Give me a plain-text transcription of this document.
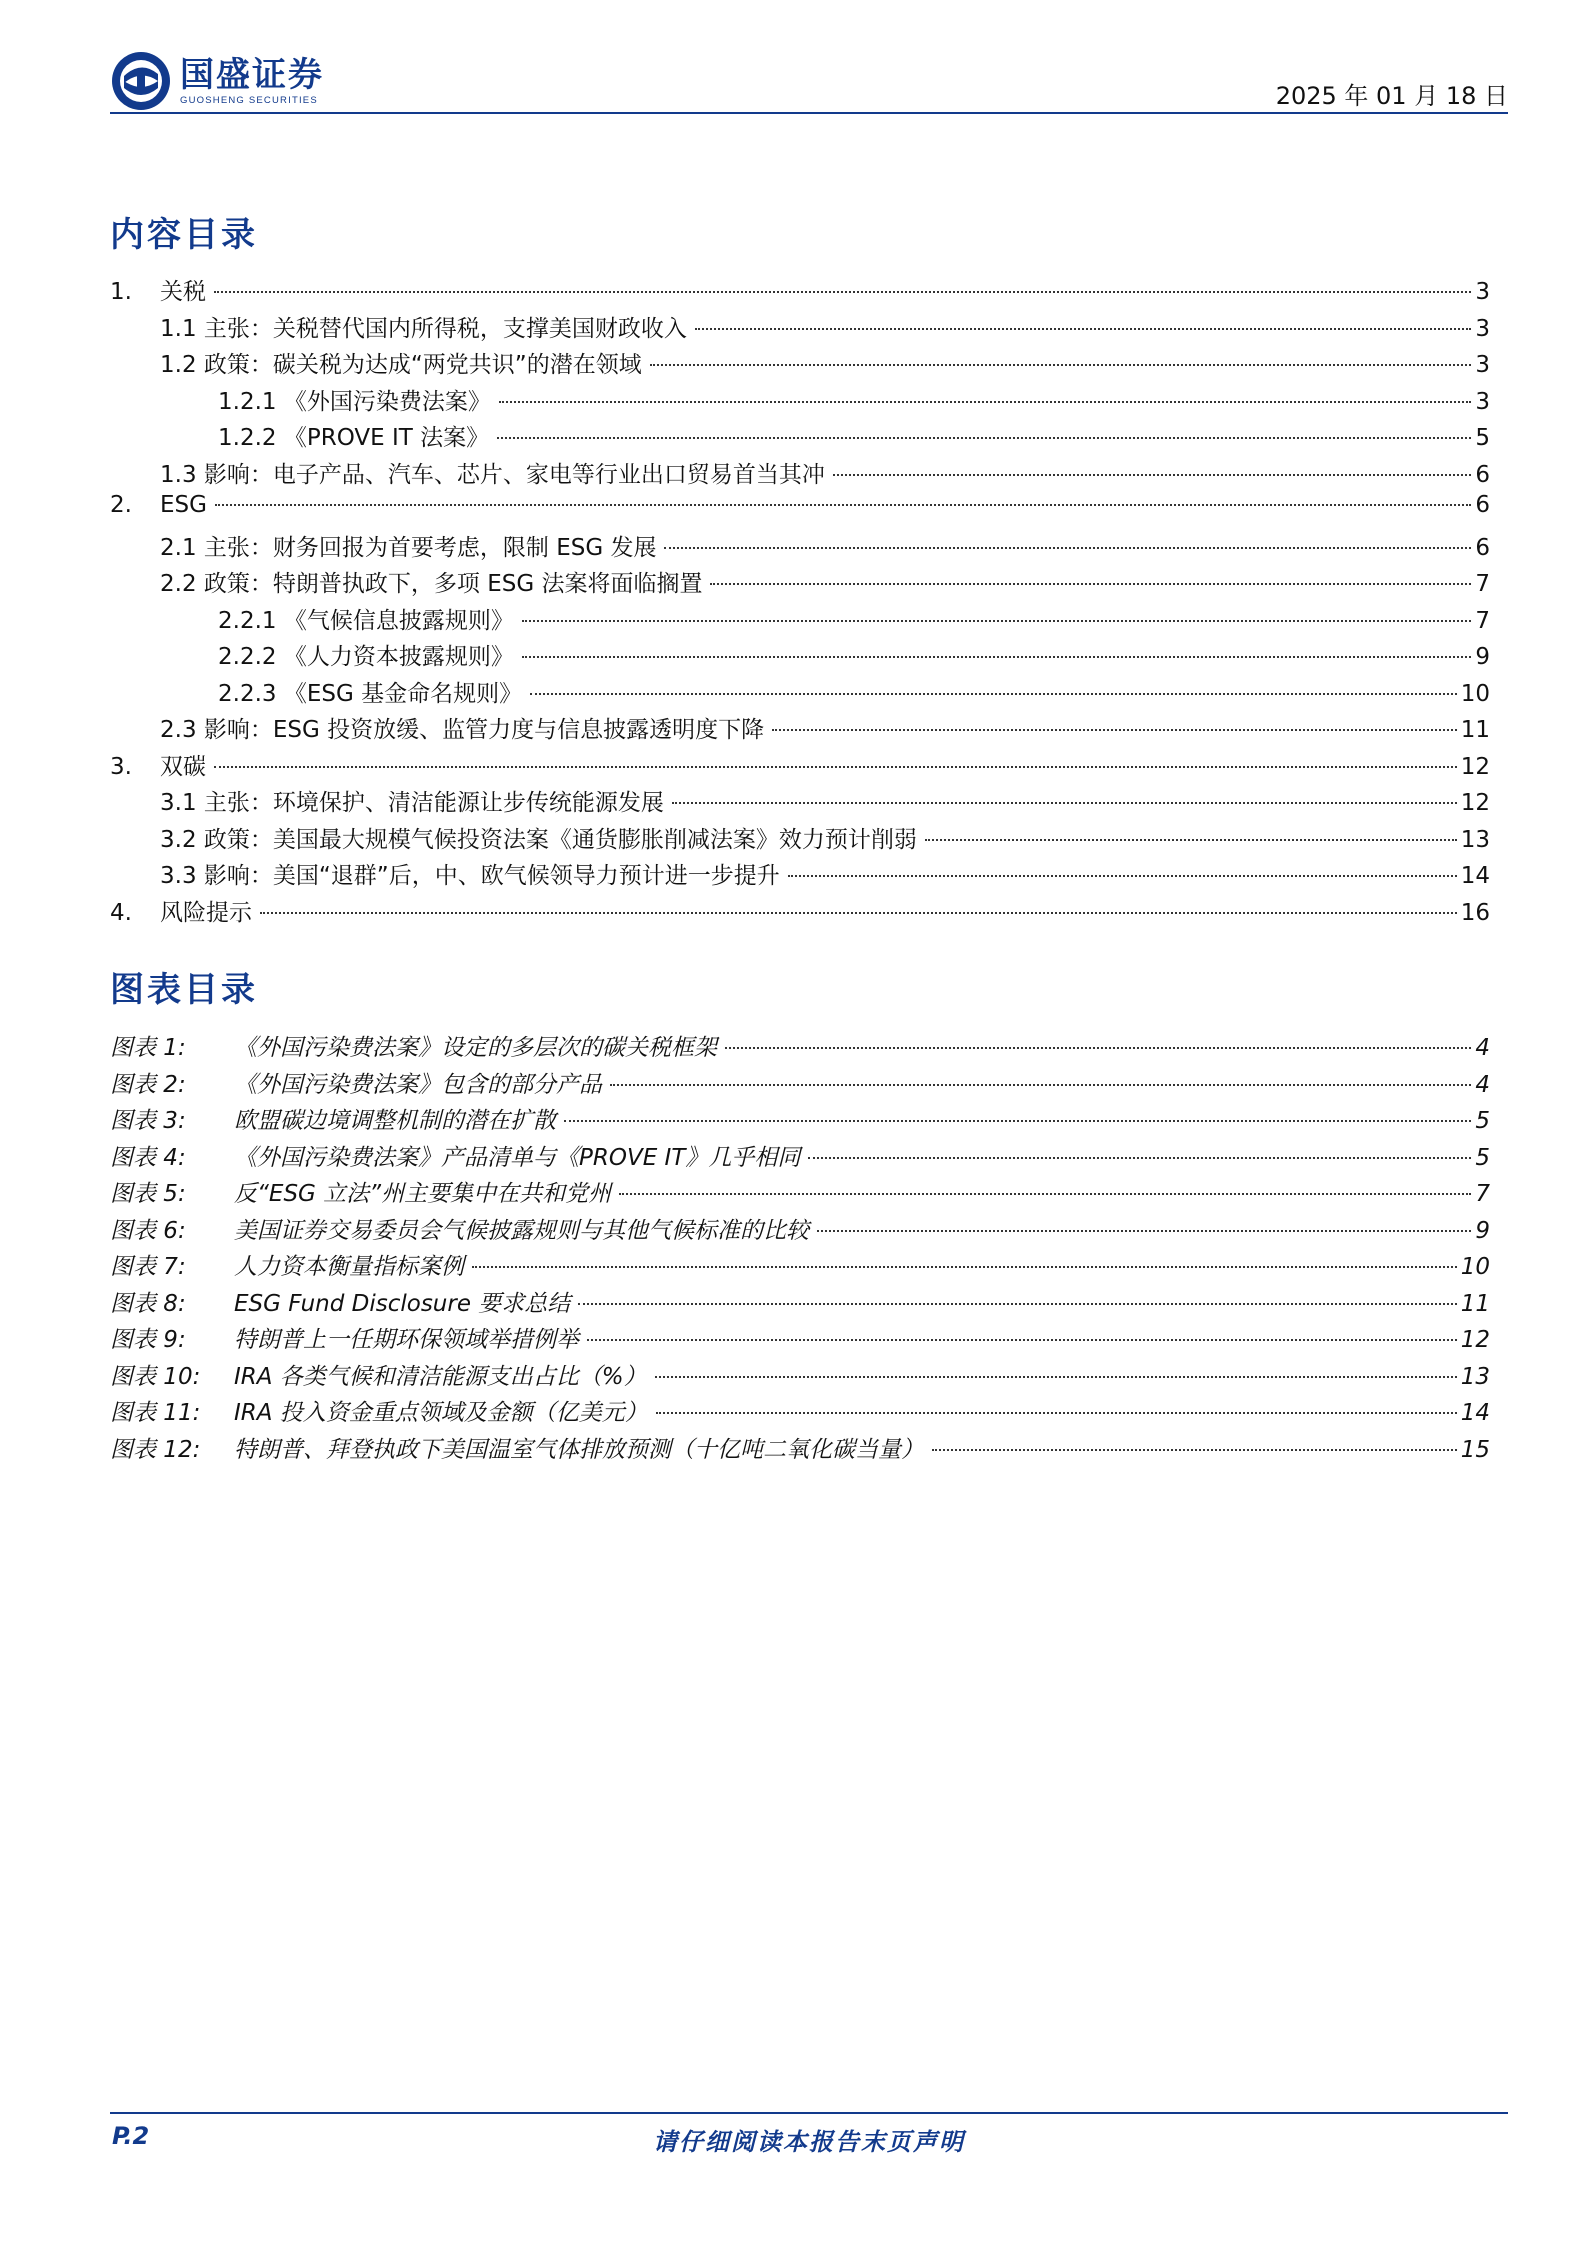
国盛证券
GUOSHENG SECURITIES	2025 年 01 月 18 日
内容目录
1. 关税	3
1.1 主张：关税替代国内所得税，支撑美国财政收入	3
1.2 政策：碳关税为达成“两党共识”的潜在领域	3
1.2.1 《外国污染费法案》	3
1.2.2 《PROVE IT 法案》	5
1.3 影响：电子产品、汽车、芯片、家电等行业出口贸易首当其冲	6
2. ESG	6
2.1 主张：财务回报为首要考虑，限制 ESG 发展	6
2.2 政策：特朗普执政下，多项 ESG 法案将面临搁置	7
2.2.1 《气候信息披露规则》	7
2.2.2 《人力资本披露规则》	9
2.2.3 《ESG 基金命名规则》	10
2.3 影响：ESG 投资放缓、监管力度与信息披露透明度下降	11
3. 双碳	12
3.1 主张：环境保护、清洁能源让步传统能源发展	12
3.2 政策：美国最大规模气候投资法案《通货膨胀削减法案》效力预计削弱	13
3.3 影响：美国“退群”后，中、欧气候领导力预计进一步提升	14
4. 风险提示	16
图表目录
图表 1:	《外国污染费法案》设定的多层次的碳关税框架	4
图表 2:	《外国污染费法案》包含的部分产品	4
图表 3:	欧盟碳边境调整机制的潜在扩散	5
图表 4:	《外国污染费法案》产品清单与《PROVE IT》几乎相同	5
图表 5:	反“ESG 立法”州主要集中在共和党州	7
图表 6:	美国证券交易委员会气候披露规则与其他气候标准的比较	9
图表 7:	人力资本衡量指标案例	10
图表 8:	ESG Fund Disclosure 要求总结	11
图表 9:	特朗普上一任期环保领域举措例举	12
图表 10:	IRA 各类气候和清洁能源支出占比（%）	13
图表 11:	IRA 投入资金重点领域及金额（亿美元）	14
图表 12:	特朗普、拜登执政下美国温室气体排放预测（十亿吨二氧化碳当量）	15
P.2	请仔细阅读本报告末页声明
